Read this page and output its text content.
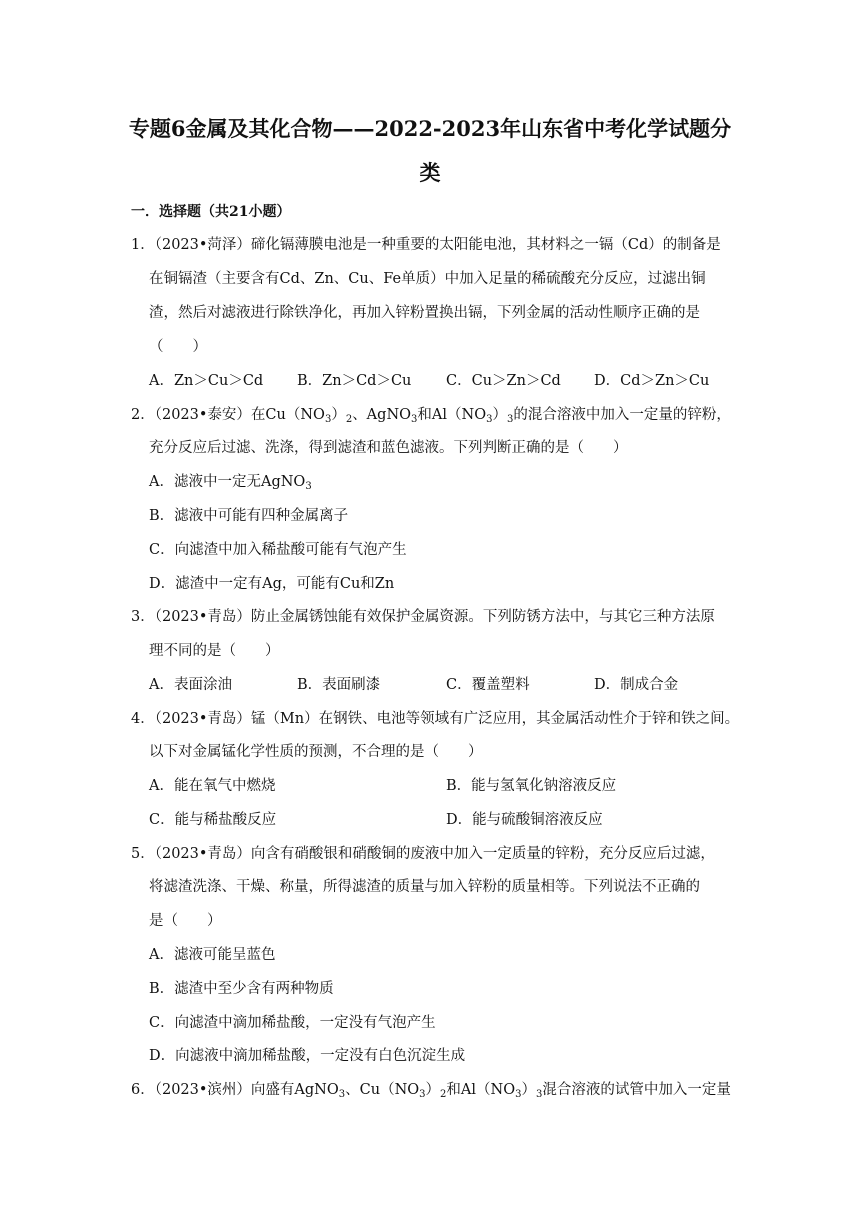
专题6金属及其化合物——2022-2023年山东省中考化学试题分
类
一．选择题（共21小题）
1．（2023•菏泽）碲化镉薄膜电池是一种重要的太阳能电池，其材料之一镉（Cd）的制备是
在铜镉渣（主要含有Cd、Zn、Cu、Fe单质）中加入足量的稀硫酸充分反应，过滤出铜
渣，然后对滤液进行除铁净化，再加入锌粉置换出镉，下列金属的活动性顺序正确的是
（　　）
A．Zn＞Cu＞Cd B．Zn＞Cd＞Cu C．Cu＞Zn＞Cd D．Cd＞Zn＞Cu
2．（2023•泰安）在$Cu(NO_3)_2$、AgNO$_3$和$Al(NO_3)_3$的混合溶液中加入一定量的锌粉，
充分反应后过滤、洗涤，得到滤渣和蓝色滤液。下列判断正确的是（　　）
A．滤液中一定无AgNO$_3$
B．滤液中可能有四种金属离子
C．向滤渣中加入稀盐酸可能有气泡产生
D．滤渣中一定有Ag，可能有Cu和Zn
3．（2023•青岛）防止金属锈蚀能有效保护金属资源。下列防锈方法中，与其它三种方法原
理不同的是（　　）
A．表面涂油	B．表面刷漆	C．覆盖塑料	D．制成合金
4．（2023•青岛）锰（Mn）在钢铁、电池等领域有广泛应用，其金属活动性介于锌和铁之间。
以下对金属锰化学性质的预测，不合理的是（　　）
A．能在氧气中燃烧	B．能与氢氧化钠溶液反应
C．能与稀盐酸反应	D．能与硫酸铜溶液反应
5．（2023•青岛）向含有硝酸银和硝酸铜的废液中加入一定质量的锌粉，充分反应后过滤，
将滤渣洗涤、干燥、称量，所得滤渣的质量与加入锌粉的质量相等。下列说法不正确的
是（　　）
A．滤液可能呈蓝色
B．滤渣中至少含有两种物质
C．向滤渣中滴加稀盐酸，一定没有气泡产生
D．向滤液中滴加稀盐酸，一定没有白色沉淀生成
6．（2023•滨州）向盛有AgNO$_3$、$Cu(NO_3)_2$和$Al(NO_3)_3$混合溶液的试管中加入一定量
